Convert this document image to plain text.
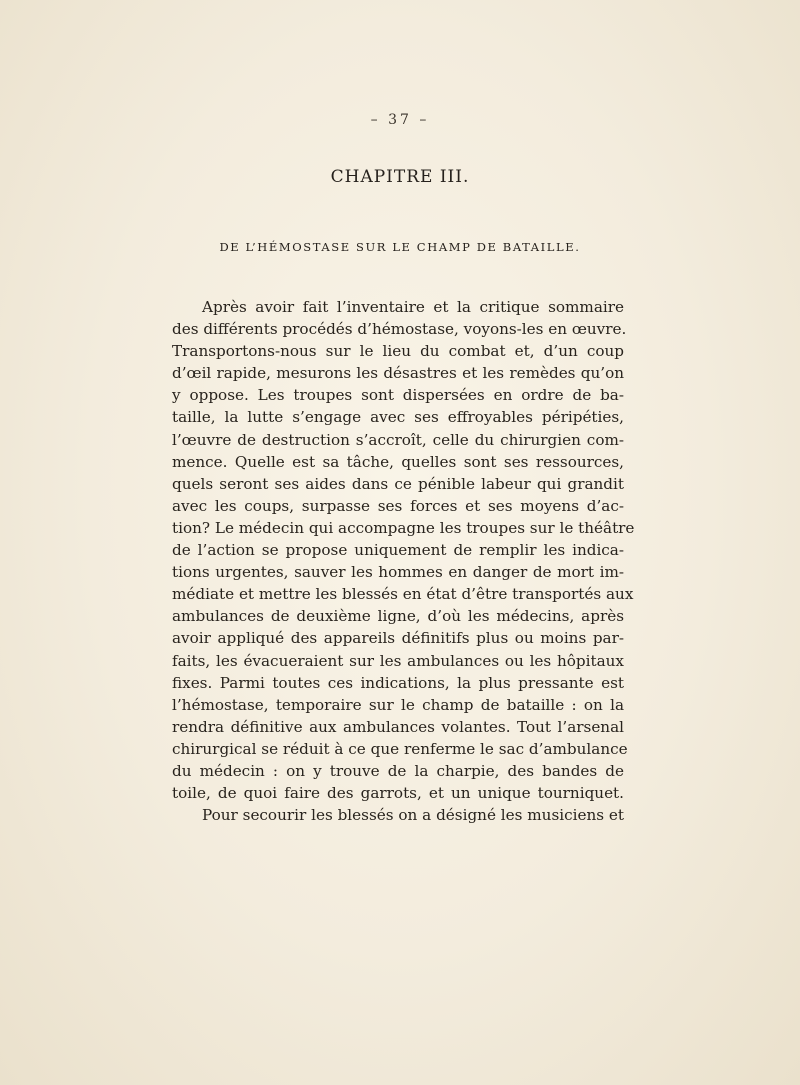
– 37 –
CHAPITRE III.
DE L’HÉMOSTASE SUR LE CHAMP DE BATAILLE.

Après avoir fait l’inventaire et la critique sommaire
des différents procédés d’hémostase, voyons-les en œuvre.
Transportons-nous sur le lieu du combat et, d’un coup
d’œil rapide, mesurons les désastres et les remèdes qu’on
y oppose. Les troupes sont dispersées en ordre de ba-
taille, la lutte s’engage avec ses effroyables péripéties,
l’œuvre de destruction s’accroît, celle du chirurgien com-
mence. Quelle est sa tâche, quelles sont ses ressources,
quels seront ses aides dans ce pénible labeur qui grandit
avec les coups, surpasse ses forces et ses moyens d’ac-
tion? Le médecin qui accompagne les troupes sur le théâtre
de l’action se propose uniquement de remplir les indica-
tions urgentes, sauver les hommes en danger de mort im-
médiate et mettre les blessés en état d’être transportés aux
ambulances de deuxième ligne, d’où les médecins, après
avoir appliqué des appareils définitifs plus ou moins par-
faits, les évacueraient sur les ambulances ou les hôpitaux
fixes. Parmi toutes ces indications, la plus pressante est
l’hémostase, temporaire sur le champ de bataille : on la
rendra définitive aux ambulances volantes. Tout l’arsenal
chirurgical se réduit à ce que renferme le sac d’ambulance
du médecin : on y trouve de la charpie, des bandes de
toile, de quoi faire des garrots, et un unique tourniquet.
Pour secourir les blessés on a désigné les musiciens et
